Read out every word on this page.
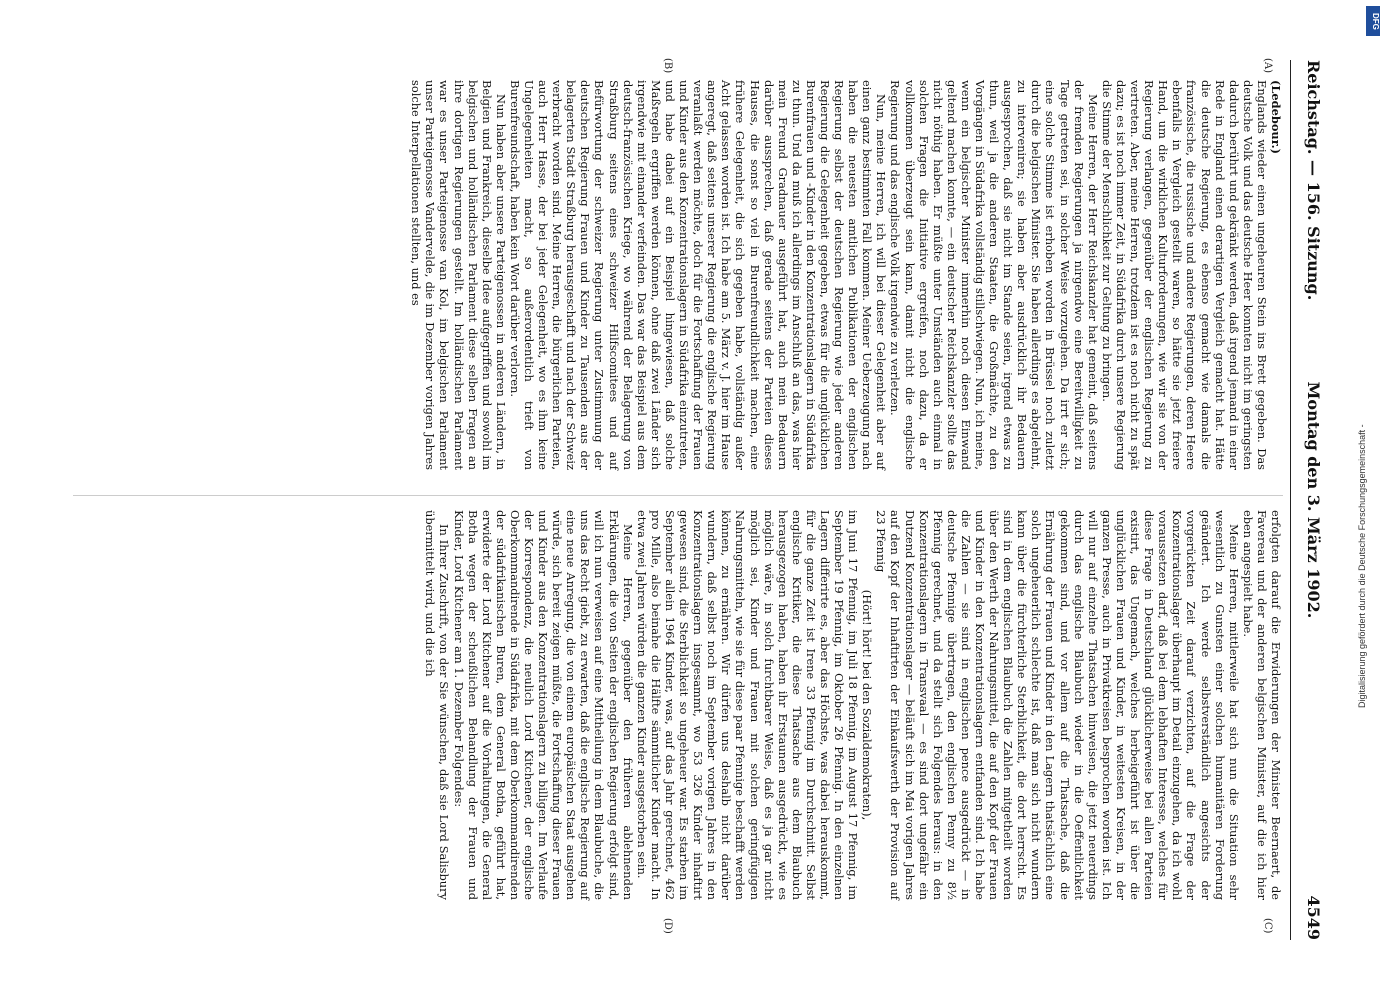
Reichstag. — 156. Sitzung.
Montag den 3. März 1902.
4549
(A)
(B)
(C)
(D)
(Ledebour.)

Englands wieder einen ungeheuren Stein ins Brett gegeben. Das deutsche Volk und das deutsche Heer konnten nicht im geringsten dadurch berührt und gekränkt werden, daß irgend jemand in einer Rede in England einen derartigen Vergleich gemacht hat. Hätte die deutsche Regierung, es ebenso gemacht wie damals die französische, die russische und andere Regierungen, deren Heere ebenfalls in Vergleich gestellt waren, so hätte sie jetzt freiere Hand, um die wirklichen Kulturforderungen, wie wir sie von der Regierung verlangen, gegenüber der englischen Regierung zu vertreten. Aber, meine Herren, trotzdem ist es noch nicht zu spät dazu; es ist noch immer Zeit, in Südafrika durch unsere Regierung die Stimme der Menschlichkeit zur Geltung zu bringen.

Meine Herren, der Herr Reichskanzler hat gemeint, daß seitens der fremden Regierungen ja nirgendwo eine Bereitwilligkeit zu Tage getreten sei, in solcher Weise vorzugehen. Da irrt er sich; eine solche Stimme ist erhoben worden in Brüssel noch zuletzt durch die belgischen Minister. Sie haben allerdings es abgelehnt, zu interveniren; sie haben aber ausdrücklich ihr Bedauern ausgesprochen, daß sie nicht im Stande seien, irgend etwas zu thun, weil ja die anderen Staaten, die Großmächte, zu den Vorgängen in Südafrika vollständig stillschwiegen. Nun, ich meine, wenn ein belgischer Minister immerhin noch diesen Einwand geltend machen konnte, — ein deutscher Reichskanzler sollte das nicht nöthig haben. Er müßte unter Umständen auch einmal in solchen Fragen die Initiative ergreifen, noch dazu, da er vollkommen überzeugt sein kann, damit nicht die englische Regierung und das englische Volk irgendwie zu verletzen.

Nun, meine Herren, ich will bei dieser Gelegenheit aber auf einen ganz bestimmten Fall kommen. Meiner Ueberzeugung nach haben die neuesten amtlichen Publikationen der englischen Regierung selbst der deutschen Regierung wie jeder anderen Regierung die Gelegenheit gegeben, etwas für die unglücklichen Burenfrauen und -Kinder in den Konzentrationslagern in Südafrika zu thun. Und da muß ich allerdings im Anschluß an das, was hier mein Freund Gradnauer ausgeführt hat, auch mein Bedauern darüber aussprechen, daß gerade seitens der Parteien dieses Hauses, die sonst so viel in Burenfreundlichkeit machen, eine frühere Gelegenheit, die sich gegeben habe, vollständig außer Acht gelassen worden ist. Ich habe am 5. März v. J. hier im Hause angeregt, daß seitens unserer Regierung die englische Regierung veranlaßt werden möchte, doch für die Fortschaffung der Frauen und Kinder aus den Konzentrationslagern in Südafrika einzutreten, und habe dabei auf ein Beispiel hingewiesen, daß solche Maßregeln ergriffen werden können, ohne daß zwei Länder sich irgendwie mit einander verfeinden. Das war das Beispiel aus dem deutsch-französischen Kriege, wo während der Belagerung von Straßburg seitens eines schweizer Hilfscomitees und auf Befürwortung der schweizer Regierung unter Zustimmung der deutschen Regierung Frauen und Kinder zu Tausenden aus der belagerten Stadt Straßburg herausgeschafft und nach der Schweiz verbracht worden sind. Meine Herren, die bürgerlichen Parteien, auch Herr Hasse, der bei jeder Gelegenheit, wo es ihm keine Ungelegenheiten macht, so außerordentlich trieft von Burenfreundschaft, haben kein Wort darüber verloren.

Nun haben aber unsere Parteigenossen in anderen Ländern, in Belgien und Frankreich, dieselbe Idee aufgegriffen und sowohl im belgischen und holländischen Parlament diese selben Fragen an ihre dortigen Regierungen gestellt. Im holländischen Parlament war es unser Parteigenosse van Kol, im belgischen Parlament unser Parteigenosse Vandervelde, die im Dezember vorigen Jahres solche Interpellationen stellten, und es

erfolgten darauf die Erwiderungen der Minister Beernaert, de Favereau und der anderen belgischen Minister, auf die ich hier eben angespielt habe.

Meine Herren, mittlerweile hat sich nun die Situation sehr wesentlich zu Gunsten einer solchen humanitären Forderung geändert. Ich werde selbstverständlich angesichts der vorgerückten Zeit darauf verzichten, auf die Frage der Konzentrationslager überhaupt im Detail einzugehen, da ich wohl voraussetzen darf, daß bei dem lebhaften Interesse, welches für diese Frage in Deutschland glücklicherweise bei allen Parteien existirt, das Ungemach, welches herbeigeführt ist über die unglücklichen Frauen und Kinder, in weitesten Kreisen, in der ganzen Presse, auch in Privatkreisen besprochen worden ist. Ich will nur auf einzelne Thatsachen hinweisen, die jetzt neuerdings durch das englische Blaubuch wieder in die Oeffentlichkeit gekommen sind, und vor allem auf die Thatsache, daß die Ernährung der Frauen und Kinder in den Lagern thatsächlich eine solch ungeheuerlich schlechte ist, daß man sich nicht wundern kann über die fürchterliche Sterblichkeit, die dort herrscht. Es sind in dem englischen Blaubuch die Zahlen mitgetheilt worden über den Werth der Nahrungsmittel, die auf den Kopf der Frauen und Kinder in den Konzentrationslagern entfanden sind. Ich habe die Zahlen — sie sind in englischen pence ausgedrückt — in deutsche Pfennige übertragen, den englischen Penny zu 8½ Pfennig gerechnet, und da stellt sich Folgendes heraus: in den Konzentrationslagern in Transvaal — es sind dort ungefähr ein Dutzend Konzentrationslager — beläuft sich im Mai vorigen Jahres auf den Kopf der Inhaftirten der Einkaufswerth der Provision auf 23 Pfennig

(Hört! hört! bei den Sozialdemokraten),

im Juni 17 Pfennig, im Juli 18 Pfennig, im August 17 Pfennig, im September 19 Pfennig, im Oktober 26 Pfennig. In den einzelnen Lagern differirte es, aber das Höchste, was dabei herauskommt, für die ganze Zeit ist Irene 33 Pfennig im Durchschnitt. Selbst englische Kritiker, die diese Thatsache aus dem Blaubuch herausgezogen haben, haben ihr Erstaunen ausgedrückt, wie es möglich wäre, in solch furchtbarer Weise, daß es ja gar nicht möglich sei, Kinder und Frauen mit solchen geringfügigen Nahrungsmitteln, wie sie für diese paar Pfennige beschafft werden können, zu ernähren. Wir dürfen uns deshalb nicht darüber wundern, daß selbst noch im September vorigen Jahres in den Konzentrationslagern insgesammt, wo 53 326 Kinder inhaftirt gewesen sind, die Sterblichkeit so ungeheuer war. Es starben im September allein 1964 Kinder, was, auf das Jahr gerechnet, 462 pro Mille, also beinahe die Hälfte sämmtlicher Kinder macht. In etwa zwei Jahren würden die ganzen Kinder ausgestorben sein.

Meine Herren, gegenüber den früheren ablehnenden Erklärungen, die von Seiten der englischen Regierung erfolgt sind, will ich nun verweisen auf eine Mittheilung in dem Blaubuche, die uns das Recht giebt, zu erwarten, daß die englische Regierung auf eine neue Anregung, die von einem europäischen Staat ausgehen würde, sich bereit zeigen müßte, die Fortschaffung dieser Frauen und Kinder aus den Konzentrationslagern zu billigen. Im Verlaufe der Korrespondenz, die neulich Lord Kitchener, der englische Oberkommandirende in Südafrika, mit dem Oberkommandirenden der südafrikanischen Buren, dem General Botha, geführt hat, erwiderte der Lord Kitchener auf die Vorhaltungen, die General Botha wegen der scheußlichen Behandlung der Frauen und Kinder, Lord Kitchener am 1. Dezember Folgendes:

In Ihrer Zuschrift, von der Sie wünschen, daß sie Lord Salisbury übermittelt wird, und die ich

DFG
Digitalisierung gefördert durch die Deutsche Forschungsgemeinschaft -
